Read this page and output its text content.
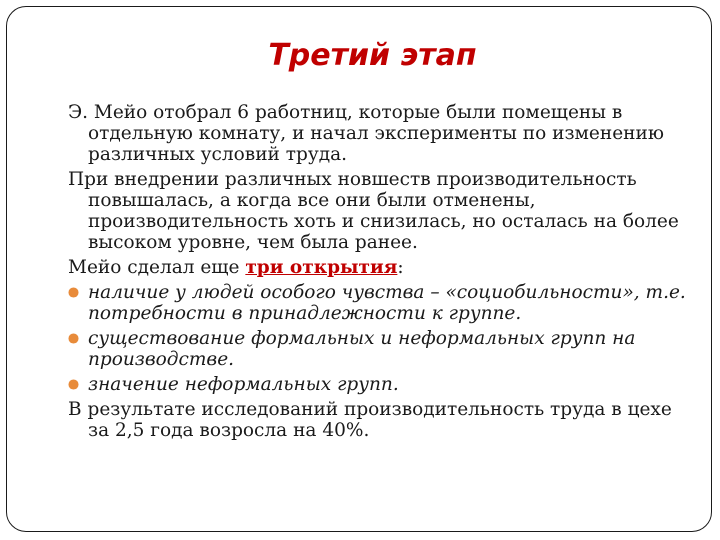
Третий этап

Э. Мейо отобрал 6 работниц, которые были помещены в отдельную комнату, и начал эксперименты по изменению различных условий труда.

При внедрении различных новшеств производительность повышалась, а когда все они были отменены, производительность хоть и снизилась, но осталась на более высоком уровне, чем была ранее.

Мейо сделал еще три открытия:

наличие у людей особого чувства – «социобильности», т.е. потребности в принадлежности к группе.
существование формальных и неформальных групп на производстве.
значение неформальных групп.

В результате исследований производительность труда в цехе за 2,5 года возросла на 40%.
